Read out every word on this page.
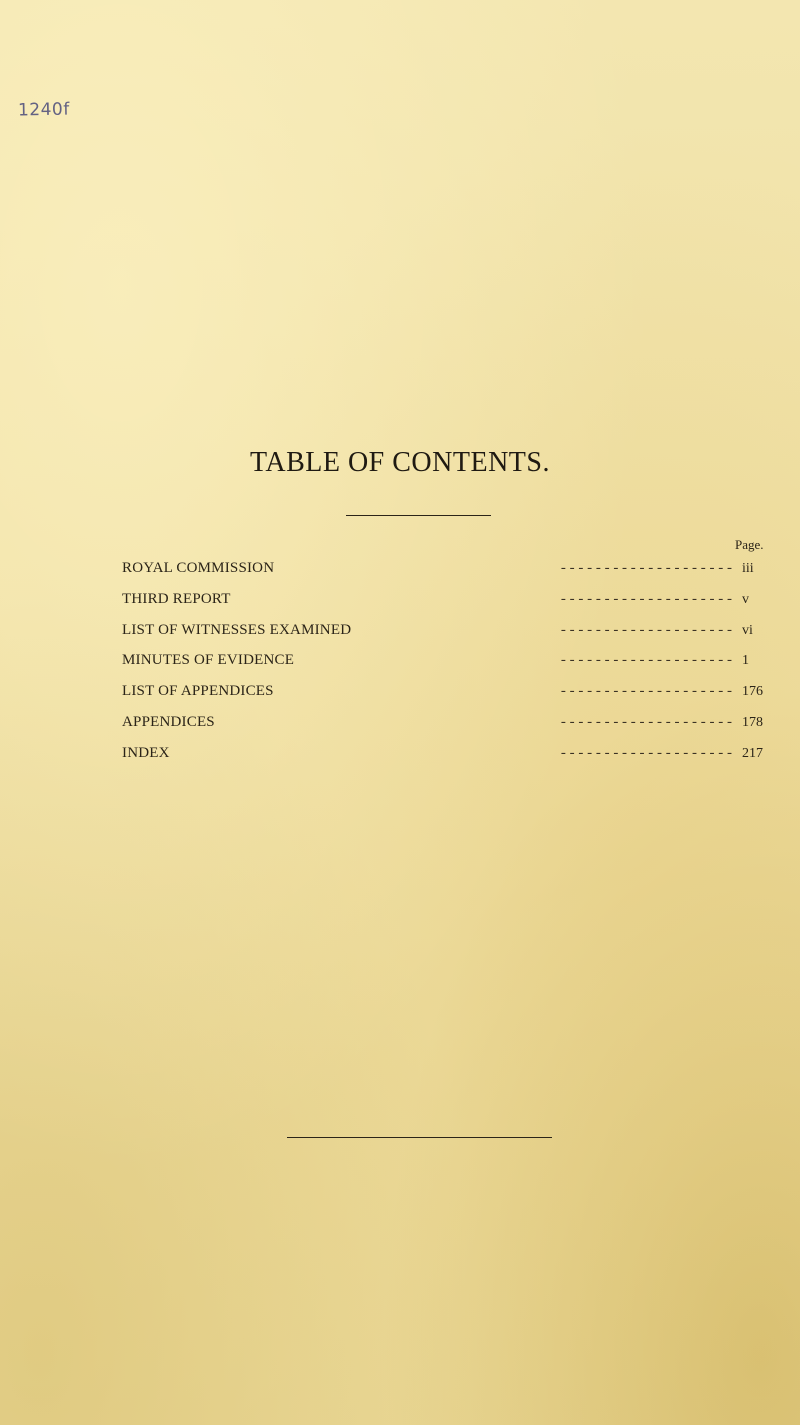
1240f
TABLE OF CONTENTS.
Page.
ROYAL COMMISSION	- - - - - - - - - - - - - - - - - - - - iii
THIRD REPORT	- - - - - - - - - - - - - - - - - - - - v
LIST OF WITNESSES EXAMINED	- - - - - - - - - - - - - - - - - - - - vi
MINUTES OF EVIDENCE	- - - - - - - - - - - - - - - - - - - - 1
LIST OF APPENDICES	- - - - - - - - - - - - - - - - - - - - 176
APPENDICES	- - - - - - - - - - - - - - - - - - - - 178
INDEX	- - - - - - - - - - - - - - - - - - - - 217
